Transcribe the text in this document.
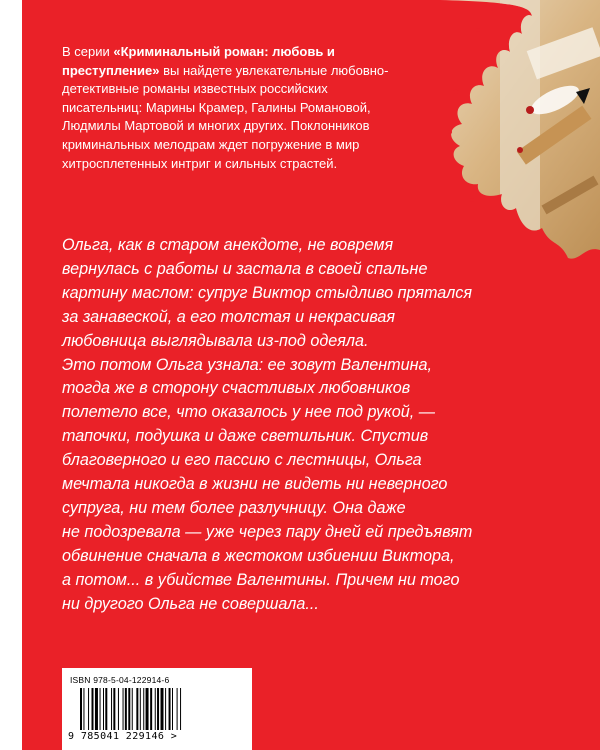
В серии «Криминальный роман: любовь и преступление» вы найдете увлекательные любовно-детективные романы известных российских писательниц: Марины Крамер, Галины Романовой, Людмилы Мартовой и многих других. Поклонников криминальных мелодрам ждет погружение в мир хитросплетенных интриг и сильных страстей.
Ольга, как в старом анекдоте, не вовремя
вернулась с работы и застала в своей спальне
картину маслом: супруг Виктор стыдливо прятался
за занавеской, а его толстая и некрасивая
любовница выглядывала из-под одеяла.
Это потом Ольга узнала: ее зовут Валентина,
тогда же в сторону счастливых любовников
полетело все, что оказалось у нее под рукой, —
тапочки, подушка и даже светильник. Спустив
благоверного и его пассию с лестницы, Ольга
мечтала никогда в жизни не видеть ни неверного
супруга, ни тем более разлучницу. Она даже
не подозревала — уже через пару дней ей предъявят
обвинение сначала в жестоком избиении Виктора,
а потом... в убийстве Валентины. Причем ни того
ни другого Ольга не совершала...
ISBN 978-5-04-122914-6
9 785041 229146 >
